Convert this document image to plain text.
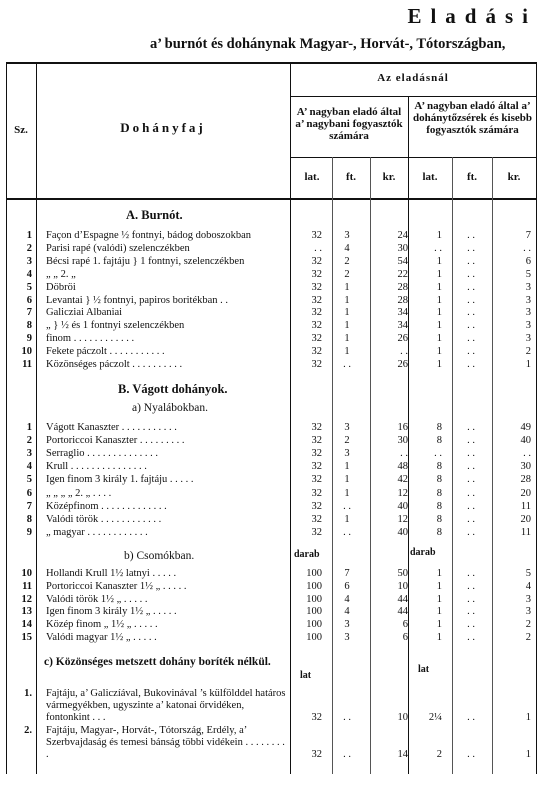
Eladási
a’ burnót és dohánynak Magyar-, Horvát-, Tótországban,
Sz.	Dohányfaj
Az eladásnál
A’ nagyban eladó által a’ nagybani fogyasztók számára
A’ nagyban eladó által a’ dohánytőzsérek és kisebb fogyasztók számára
lat.	ft.	kr.	lat.	ft.	kr.
A. Burnót.
B. Vágott dohányok.
a) Nyalábokban.
b) Csomókban.
c) Közönséges metszett dohány boríték nélkül.
darab	darab
lat
lat
1 Façon d’Espagne ½ fontnyi, bádog doboszokban	32	3	24	1	. .	7
2 Parisi rapé (valódi) szelenczékben	. .	4	30	. .	. .	. .
3 Bécsi rapé 1. fajtáju } 1 fontnyi, szelenczékben	32	2	54	1	. .	6
4 „ „ 2. „	32	2	22	1	. .	5
5 Döbröi	32	1	28	1	. .	3
6 Levantai } ½ fontnyi, papiros boritékban . .	32	1	28	1	. .	3
7 Galicziai Albaniai	32	1	34	1	. .	3
8 „ } ½ és 1 fontnyi szelenczékben	32	1	34	1	. .	3
9 finom . . . . . . . . . . . .	32	1	26	1	. .	3
10 Fekete páczolt . . . . . . . . . . .	32	1	. .	1	. .	2
11 Közönséges páczolt . . . . . . . . . .	32	. .	26	1	. .	1
1 Vágott Kanaszter . . . . . . . . . . .	32	3	16	8	. .	49
2 Portoriccoi Kanaszter . . . . . . . . .	32	2	30	8	. .	40
3 Serraglio . . . . . . . . . . . . . .	32	3	. .	. .	. .	. .
4 Krull . . . . . . . . . . . . . . .	32	1	48	8	. .	30
5 Igen finom 3 király 1. fajtáju . . . . .	32	1	42	8	. .	28
6 „ „ „ „ 2. „ . . . .	32	1	12	8	. .	20
7 Középfinom . . . . . . . . . . . . .	32	. .	40	8	. .	11
8 Valódi török . . . . . . . . . . . .	32	1	12	8	. .	20
9 „ magyar . . . . . . . . . . . .	32	. .	40	8	. .	11
10 Hollandi Krull 1½ latnyi . . . . .	100	7	50	1	. .	5
11 Portoriccoi Kanaszter 1½ „ . . . . .	100	6	10	1	. .	4
12 Valódi török 1½ „ . . . . .	100	4	44	1	. .	3
13 Igen finom 3 király 1½ „ . . . . .	100	4	44	1	. .	3
14 Közép finom „ 1½ „ . . . . .	100	3	6	1	. .	2
15 Valódi magyar 1½ „ . . . . .	100	3	6	1	. .	2
1. Fajtáju, a’ Galiczíával, Bukovinával ’s külfölddel határos vármegyékben, ugyszinte a’ katonai őrvidéken, fontonkint . . .	32	. .	10	2¼	. .	1
2. Fajtáju, Magyar-, Horvát-, Tótország, Erdély, a’ Szerbvajdaság és temesi bánság többi vidékein . . . . . . . . .	32	. .	14	2	. .	1
